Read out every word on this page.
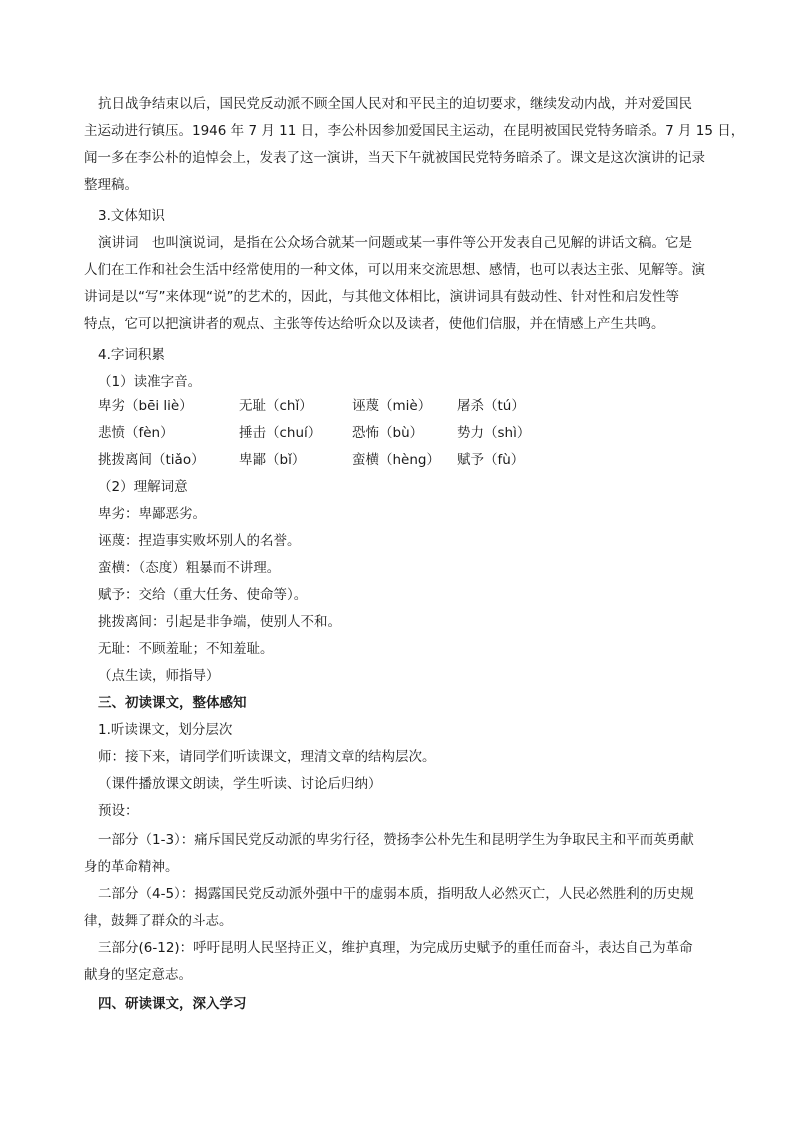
抗日战争结束以后，国民党反动派不顾全国人民对和平民主的迫切要求，继续发动内战，并对爱国民
主运动进行镇压。1946 年 7 月 11 日，李公朴因参加爱国民主运动，在昆明被国民党特务暗杀。7 月 15 日，
闻一多在李公朴的追悼会上，发表了这一演讲，当天下午就被国民党特务暗杀了。课文是这次演讲的记录
整理稿。
3.文体知识
演讲词　也叫演说词，是指在公众场合就某一问题或某一事件等公开发表自己见解的讲话文稿。它是
人们在工作和社会生活中经常使用的一种文体，可以用来交流思想、感情，也可以表达主张、见解等。演
讲词是以“写”来体现“说”的艺术的，因此，与其他文体相比，演讲词具有鼓动性、针对性和启发性等
特点，它可以把演讲者的观点、主张等传达给听众以及读者，使他们信服，并在情感上产生共鸣。
4.字词积累
（1）读准字音。
卑劣（bēi liè）	无耻（chǐ）	诬蔑（miè） 屠杀（tú）
悲愤（fèn）	捶击（chuí） 恐怖（bù）	势力（shì）
挑拨离间（tiǎo）	卑鄙（bǐ）	蛮横（hèng） 赋予（fù）
（2）理解词意
卑劣：卑鄙恶劣。
诬蔑：捏造事实败坏别人的名誉。
蛮横：（态度）粗暴而不讲理。
赋予：交给（重大任务、使命等）。
挑拨离间：引起是非争端，使别人不和。
无耻：不顾羞耻；不知羞耻。
（点生读，师指导）
三、初读课文，整体感知
1.听读课文，划分层次
师：接下来，请同学们听读课文，理清文章的结构层次。
（课件播放课文朗读，学生听读、讨论后归纳）
预设：
一部分（1-3）：痛斥国民党反动派的卑劣行径，赞扬李公朴先生和昆明学生为争取民主和平而英勇献
身的革命精神。
二部分（4-5）：揭露国民党反动派外强中干的虚弱本质，指明敌人必然灭亡，人民必然胜利的历史规
律，鼓舞了群众的斗志。
三部分(6-12)：呼吁昆明人民坚持正义，维护真理，为完成历史赋予的重任而奋斗，表达自己为革命
献身的坚定意志。
四、研读课文，深入学习
